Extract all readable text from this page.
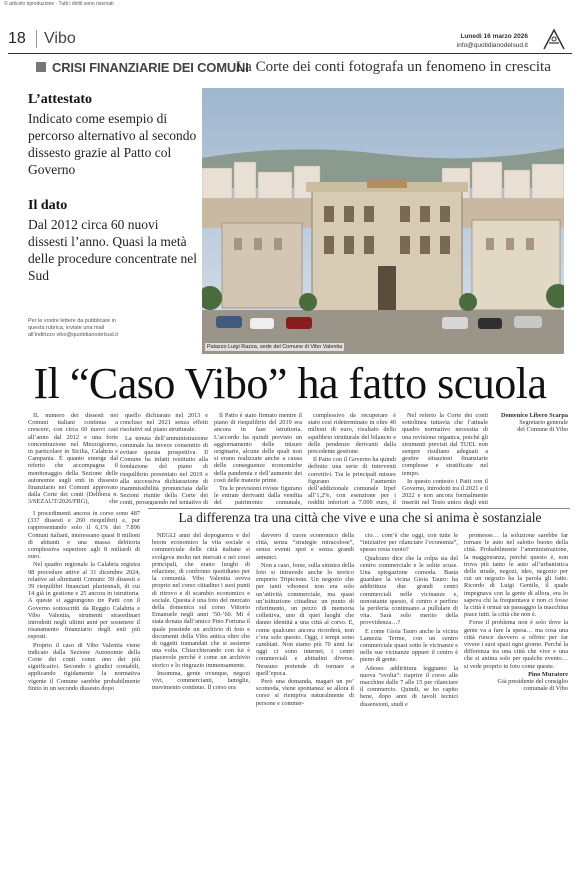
© articolo riproduzione · Tutti i diritti sono riservati
18 Vibo	Lunedì 16 marzo 2026
info@quotidianodelsud.it
CRISI FINANZIARIE DEI COMUNI
La Corte dei conti fotografa un fenomeno in crescita
L’attestato
Indicato come esempio di percorso alternativo al secondo dissesto grazie al Patto col Governo
Il dato
Dal 2012 circa 60 nuovi dissesti l’anno. Quasi la metà delle procedure concentrate nel Sud
Per le vostre lettere da pubblicare in questa rubrica, inviate una mail all’indirizzo vibo@quotidianodelsud.it
Palazzo Luigi Razza, sede del Comune di Vibo Valentia
Il “Caso Vibo” ha fatto scuola

IL numero dei dissesti nei Comuni italiani continua a crescere, con circa 60 nuovi casi all’anno dal 2012 e una forte concentrazione nel Mezzogiorno, in particolare in Sicilia, Calabria e Campania. È quanto emerge dal referto che accompagna il monitoraggio della Sezione delle autonomie sugli enti in dissesto finanziario nei Comuni approvato dalla Corte dei conti (Delibera n. 3/SEZAUT/2026/FRG), che

quello dichiarato nel 2013 e concluso nel 2021 senza effetti risolutivi sul piano strutturale.

La tenuta dell’amministrazione comunale ha invece consentito di evitare questa prospettiva. Il Comune ha infatti restituito alla fondazione del piano di riequilibrio presentato nel 2019 e alla successiva dichiarazione di inammissibilità pronunciata dalle Sezioni riunite della Corte dei conti, proseguendo nel tentativo di

Il Patto è stato firmato mentre il piano di riequilibrio del 2019 era ancora in fase istruttoria. L’accordo ha quindi previsto un aggiornamento delle misure originarie, alcune delle quali non si erano realizzate anche a causa delle conseguenze economiche della pandemia e dell’aumento dei costi delle materie prime.

Tra le previsioni riviste figurano le entrate derivanti dalla vendita del patrimonio comunale,

complessivo da recuperare è stato così rideterminato in oltre 40 milioni di euro, risultato dello squilibrio strutturale del bilancio e delle pendenze derivanti dalla precedente gestione.

Il Patto con il Governo ha quindi definito una serie di interventi correttivi. Tra le principali misure figurano l’aumento dell’addizionale comunale Irpef all’1,2%, con esenzione per i redditi inferiori a 7.000 euro, il

Nel referto la Corte dei conti sottolinea tuttavia che l’attuale quadro normativo necessita di una revisione organica, poiché gli strumenti previsti dal TUEL non sempre risultano adeguati a gestire situazioni finanziarie complesse e stratificate nel tempo.

In questo contesto i Patti con il Governo, introdotti tra il 2021 e il 2022 e non ancora formalmente inseriti nel Testo unico degli enti

Domenico Libero Scarpa
Segretario generale
del Comune di Vibo

I procedimenti ancora in corso sono 487 (337 dissesti e 260 riequilibri) e, pur rappresentando solo il 6,1% dei 7.896 Comuni italiani, interessano quasi 8 milioni di abitanti e una massa debitoria complessiva superiore agli 8 miliardi di euro.

Nel quadro regionale la Calabria registra 98 procedure attive al 31 dicembre 2024, relative ad altrettanti Comuni: 59 dissesti e 39 riequilibri finanziari pluriennali, di cui 14 già in gestione e 25 ancora in istruttoria. A queste si aggiungono tre Patti con il Governo sottoscritti da Reggio Calabria e Vibo Valentia, strumenti straordinari introdotti negli ultimi anni per sostenere il risanamento finanziario degli enti più esposti.

Proprio il caso di Vibo Valentia viene indicato dalla Sezione Autonomie della Corte dei conti come uno dei più significativi. Secondo i giudici contabili, applicando rigidamente la normativa vigente il Comune sarebbe probabilmente finito in un secondo dissesto dopo

La differenza tra una città che vive e una che si anima è sostanziale

NEGLI anni del dopoguerra e del boom economico la vita sociale e commerciale delle città italiane si svolgeva molto nei mercati e nei corsi principali, che erano luoghi di relazione, di confronto quotidiano per la comunità. Vibo Valentia aveva proprio nel corso cittadino i suoi punti di ritrovo e di scambio economico e sociale. Questa è una foto del mercato della domenica sul corso Vittorio Emanuele negli anni ’50-’60. Mi è stata donata dall’amico Pino Fortuna il quale possiede un archivio di foto e documenti della Vibo antica oltre che di oggetti tramandati che si assieme una volta. Chiacchierando con lui è piacevole perché è come un archivio storico e lo ringrazio immensamente.

Insomma, gente ovunque, negozi vivi, commercianti, famiglie, movimento continuo. Il corso era

davvero il cuore economico della città, senza “strategie miracolose”, senza eventi spot e senza grandi annunci.

Non a caso, forse, sulla sinistra della foto si intravede anche lo storico emporio Tripicione. Un negozio che per tanti vibonesi non era solo un’attività commerciale, ma quasi un’istituzione cittadina: un punto di riferimento, un pezzo di memoria collettiva, uno di quei luoghi che danno identità a una città al corso. E, come qualcuno ancora ricorderà, non c’era solo questo. Oggi, i tempi sono cambiati. Non siamo più 70 anni fa: oggi ci sono internet, i centri commerciali e abitudini diverse. Nessuno pretende di tornare a quell’epoca.

Però una domanda, magari un po’ scomoda, viene spontanea: se allora il corso si riempiva naturalmente di persone e commer-

cio… com’è che oggi, con tutte le “iniziative per rilanciare l’economia”, spesso resta vuoto?

Qualcuno dice che la colpa sia del centro commerciale e le solite scuse. Una spiegazione comoda. Basta guardare la vicina Gioia Tauro: ha addirittura due grandi centri commerciali nelle vicinanze e, nonostante questo, il centro e perfino la periferia continuano a pullulare di vita. Sarà solo merito della provvidenza…?

E come Gioia Tauro anche la vicina Lamezia Terme, con un centro commerciale quasi sotto le vicinanze e nelle sue vicinanze oppure il centro è pieno di gente.

Adesso addirittura leggiamo la nuova “svolta”: riaprire il corso alle macchine dalle 7 alle 15 per rilanciare il commercio. Quindi, se ho capito bene, dopo anni di tavoli tecnici dissensioni, studi e

promesse… la soluzione sarebbe far tornare le auto nel salotto buono della città. Probabilmente l’amministrazione, la maggioranza, perché questo è, non trova più tanto le auto all’urbanistica delle strade, negozi, idee, negozio per cui un negozio ha la parola gli fatto. Ricordo di Luigi Gentile, il quale impegnava con la gente di allora, era lo sapeva chi la frequentava e non ci fosse la città è ormai un passaggio la macchina piace tutti. la città che non è.

Forse il problema non è solo dove la gente va a fare la spesa… ma cosa una città riesce davvero a offrire per far vivere i suoi spazi ogni giorno. Perché la differenza tra una città che vive e una che si anima solo per qualche evento… si vede proprio in foto come queste.

Pino Muratore
Già presidente del consiglio
comunale di Vibo
